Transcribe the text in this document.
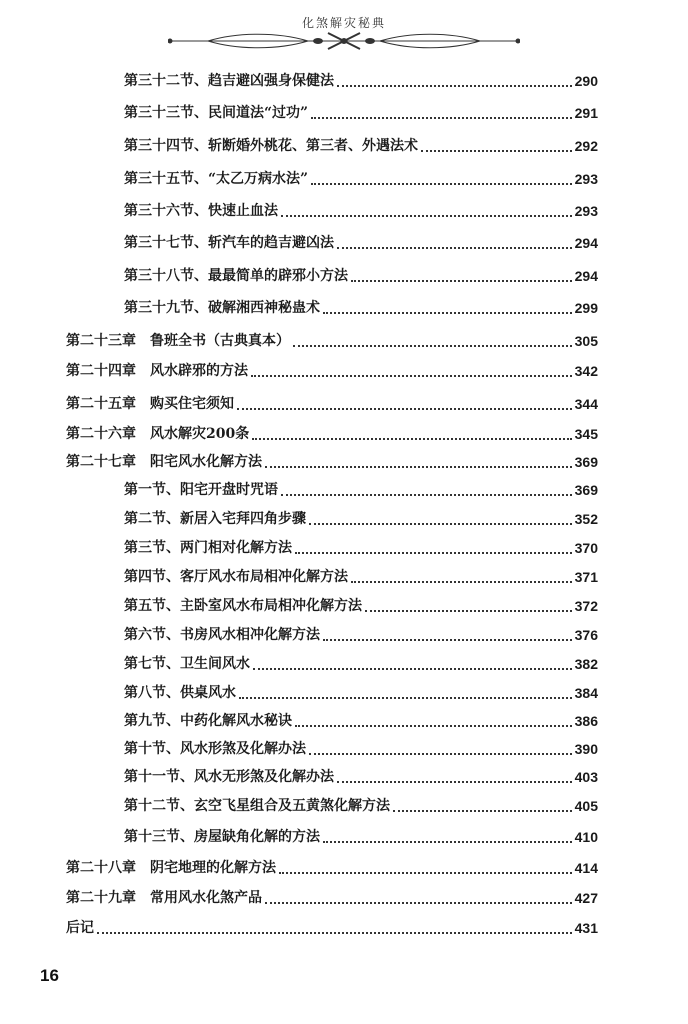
化煞解灾秘典
第三十二节、趋吉避凶强身保健法	290
第三十三节、民间道法“过功”	291
第三十四节、斩断婚外桃花、第三者、外遇法术	292
第三十五节、“太乙万病水法”	293
第三十六节、快速止血法	293
第三十七节、斩汽车的趋吉避凶法	294
第三十八节、最最简单的辟邪小方法	294
第三十九节、破解湘西神秘蛊术	299
第二十三章　鲁班全书（古典真本）	305
第二十四章　风水辟邪的方法	342
第二十五章　购买住宅须知	344
第二十六章　风水解灾200条	345
第二十七章　阳宅风水化解方法	369
第一节、阳宅开盘时咒语	369
第二节、新居入宅拜四角步骤	352
第三节、两门相对化解方法	370
第四节、客厅风水布局相冲化解方法	371
第五节、主卧室风水布局相冲化解方法	372
第六节、书房风水相冲化解方法	376
第七节、卫生间风水	382
第八节、供桌风水	384
第九节、中药化解风水秘诀	386
第十节、风水形煞及化解办法	390
第十一节、风水无形煞及化解办法	403
第十二节、玄空飞星组合及五黄煞化解方法	405
第十三节、房屋缺角化解的方法	410
第二十八章　阴宅地理的化解方法	414
第二十九章　常用风水化煞产品	427
后记	431
16
